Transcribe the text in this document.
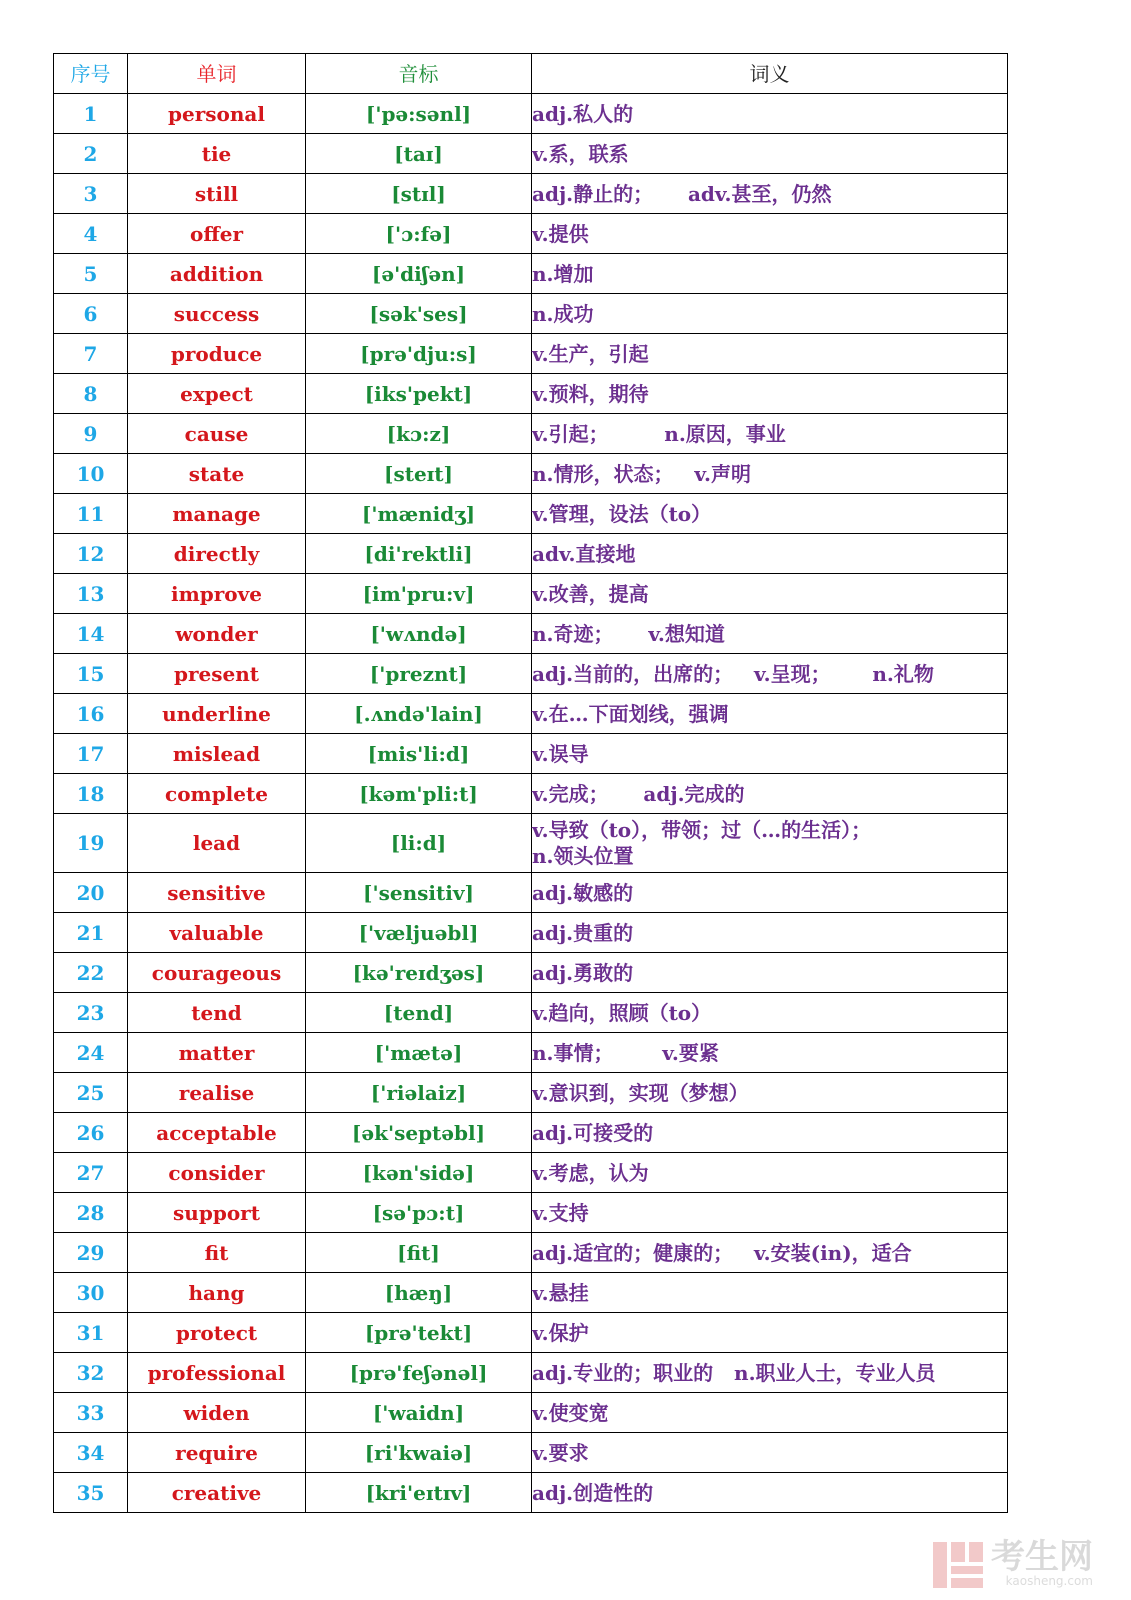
序号	单词	音标	词义
1	personal	['pə:sənl]	adj.私人的
2	tie	[taɪ]	v.系，联系
3	still	[stɪl]	adj.静止的；     adv.甚至，仍然
4	offer	['ɔ:fə]	v.提供
5	addition	[ə'diʃən]	n.增加
6	success	[sək'ses]	n.成功
7	produce	[prə'dju:s]	v.生产，引起
8	expect	[iks'pekt]	v.预料，期待
9	cause	[kɔ:z]	v.引起；        n.原因，事业
10	state	[steɪt]	n.情形，状态；   v.声明
11	manage	['mænidʒ]	v.管理，设法（to）
12	directly	[di'rektli]	adv.直接地
13	improve	[im'pru:v]	v.改善，提高
14	wonder	['wʌndə]	n.奇迹；     v.想知道
15	present	['preznt]	adj.当前的，出席的；   v.呈现；      n.礼物
16	underline	[.ʌndə'lain]	v.在…下面划线，强调
17	mislead	[mis'li:d]	v.误导
18	complete	[kəm'pli:t]	v.完成；     adj.完成的
19	lead	[li:d]	v.导致（to），带领；过（…的生活）；
n.领头位置
20	sensitive	['sensitiv]	adj.敏感的
21	valuable	['væljuəbl]	adj.贵重的
22	courageous	[kə'reɪdʒəs]	adj.勇敢的
23	tend	[tend]	v.趋向，照顾（to）
24	matter	['mætə]	n.事情；       v.要紧
25	realise	['riəlaiz]	v.意识到，实现（梦想）
26	acceptable	[ək'septəbl]	adj.可接受的
27	consider	[kən'sidə]	v.考虑，认为
28	support	[sə'pɔ:t]	v.支持
29	fit	[fit]	adj.适宜的；健康的；   v.安装(in)，适合
30	hang	[hæŋ]	v.悬挂
31	protect	[prə'tekt]	v.保护
32	professional	[prə'feʃənəl]	adj.专业的；职业的   n.职业人士，专业人员
33	widen	['waidn]	v.使变宽
34	require	[ri'kwaiə]	v.要求
35	creative	[kri'eɪtɪv]	adj.创造性的
考生网
kaosheng.com
